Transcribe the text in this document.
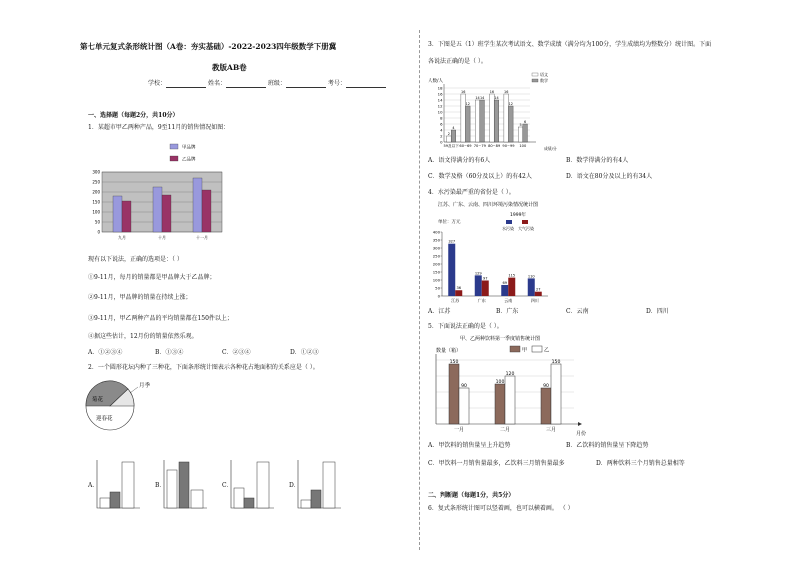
第七单元复式条形统计图（A卷：夯实基础）-2022-2023四年级数学下册冀
教版AB卷
学校：	姓名：	班级：	考号：
一、选择题（每题2分，共10分）
1．某超市甲乙两种产品，9至11月的销售情况如图：
甲品牌
乙品牌
300
250
200
150
100
50
0
九月	十月	十一月
现有以下说法，正确的选项是：（ ）
①9-11月，每月的销量都是甲品牌大于乙品牌；
②9-11月，甲品牌的销量在持续上涨；
③9-11月，甲乙两种产品的平均销量都在150件以上；
④据这些估计，12月份的销量依然乐观。
A．①②③④	B．①③④	C．②③④	D．①②③
2．一个圆形花坛内种了三种花，下面条形统计图表示各种花占地面积的关系应是（ ）。
月季
菊花
迎春花
A．	B．	C．	D．
3．下图是五（1）班学生某次考试语文、数学成绩（满分均为100分，学生成绩均为整数分）统计图。下面
各说法正确的是（ ）。
人数/人
语文
数学
18
16
14
12
10
8
6
4
2
0
2
4
16
12
14 14
16
14
16
12
5
6
59及以下 60~69 70~79 80~89 90~99 100	成绩/分
A．语文得满分的有6人	B．数学得满分的有4人
C．数学及格（60分及以上）的有42人	D．语文在80分及以上的有34人
4．水污染最严重的省份是（ ）。
江苏、广东、云南、四川环境污染情况统计图
1999年
单位：万元
水污染 大气污染
400
350
300
250
200
150
100
50
0
327
36
129
97
69
115	110
27
江苏	广东	云南	四川
A．江苏	B．广东	C．云南	D．四川
5．下面说法正确的是（ ）。
甲、乙两种饮料第一季度销售统计图
数量（箱）	甲	乙
150
90
100
120
90
150
一月	二月	三月
月份
A．甲饮料的销售量呈上升趋势	B．乙饮料的销售量呈下降趋势
C．甲饮料一月销售量最多，乙饮料三月销售量最多	D．两种饮料三个月销售总量相等
二、判断题（每题1分，共5分）
6．复式条形统计图可以竖着画，也可以横着画。 （ ）
